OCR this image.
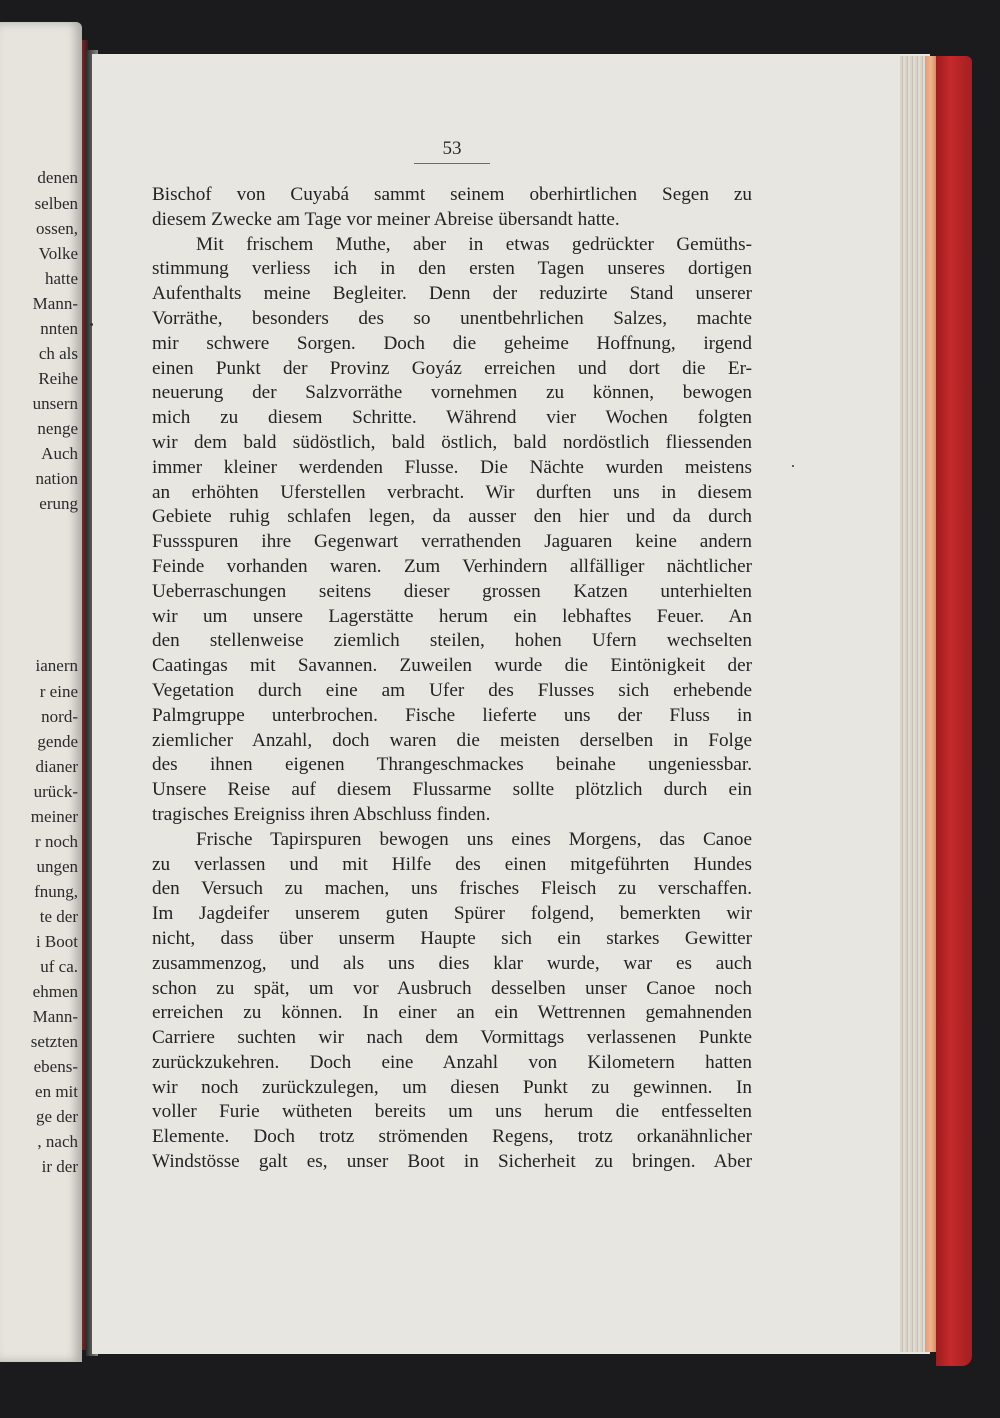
denen
selben
ossen,
Volke
hatte
Mann-
nnten
ch als
Reihe
unsern
nenge
Auch
nation
erung
ianern
r eine
nord-
gende
dianer
urück-
meiner
r noch
ungen
fnung,
te der
i Boot
uf ca.
ehmen
Mann-
setzten
ebens-
en mit
ge der
, nach
ir der
53
Bischof von Cuyabá sammt seinem oberhirtlichen Segen zu
diesem Zwecke am Tage vor meiner Abreise übersandt hatte.
Mit frischem Muthe, aber in etwas gedrückter Gemüths-
stimmung verliess ich in den ersten Tagen unseres dortigen
Aufenthalts meine Begleiter. Denn der reduzirte Stand unserer
Vorräthe, besonders des so unentbehrlichen Salzes, machte
mir schwere Sorgen. Doch die geheime Hoffnung, irgend
einen Punkt der Provinz Goyáz erreichen und dort die Er-
neuerung der Salzvorräthe vornehmen zu können, bewogen
mich zu diesem Schritte. Während vier Wochen folgten
wir dem bald südöstlich, bald östlich, bald nordöstlich fliessenden
immer kleiner werdenden Flusse. Die Nächte wurden meistens
an erhöhten Uferstellen verbracht. Wir durften uns in diesem
Gebiete ruhig schlafen legen, da ausser den hier und da durch
Fussspuren ihre Gegenwart verrathenden Jaguaren keine andern
Feinde vorhanden waren. Zum Verhindern allfälliger nächtlicher
Ueberraschungen seitens dieser grossen Katzen unterhielten
wir um unsere Lagerstätte herum ein lebhaftes Feuer. An
den stellenweise ziemlich steilen, hohen Ufern wechselten
Caatingas mit Savannen. Zuweilen wurde die Eintönigkeit der
Vegetation durch eine am Ufer des Flusses sich erhebende
Palmgruppe unterbrochen. Fische lieferte uns der Fluss in
ziemlicher Anzahl, doch waren die meisten derselben in Folge
des ihnen eigenen Thrangeschmackes beinahe ungeniessbar.
Unsere Reise auf diesem Flussarme sollte plötzlich durch ein
tragisches Ereigniss ihren Abschluss finden.
Frische Tapirspuren bewogen uns eines Morgens, das Canoe
zu verlassen und mit Hilfe des einen mitgeführten Hundes
den Versuch zu machen, uns frisches Fleisch zu verschaffen.
Im Jagdeifer unserem guten Spürer folgend, bemerkten wir
nicht, dass über unserm Haupte sich ein starkes Gewitter
zusammenzog, und als uns dies klar wurde, war es auch
schon zu spät, um vor Ausbruch desselben unser Canoe noch
erreichen zu können. In einer an ein Wettrennen gemahnenden
Carriere suchten wir nach dem Vormittags verlassenen Punkte
zurückzukehren. Doch eine Anzahl von Kilometern hatten
wir noch zurückzulegen, um diesen Punkt zu gewinnen. In
voller Furie wütheten bereits um uns herum die entfesselten
Elemente. Doch trotz strömenden Regens, trotz orkanähnlicher
Windstösse galt es, unser Boot in Sicherheit zu bringen. Aber
